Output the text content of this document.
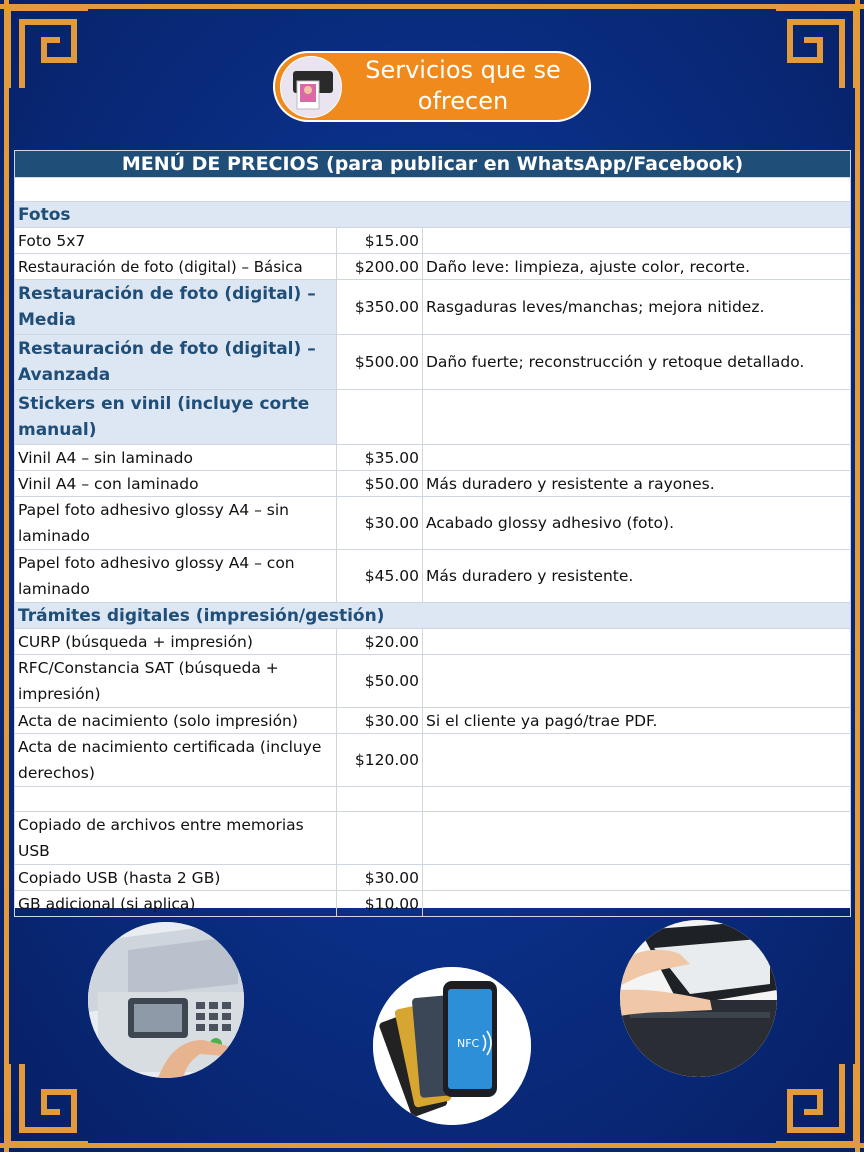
Servicios que se ofrecen
MENÚ DE PRECIOS (para publicar en WhatsApp/Facebook)		

Fotos		
Foto 5x7	$15.00	
Restauración de foto (digital) – Básica	$200.00	Daño leve: limpieza, ajuste color, recorte.
Restauración de foto (digital) – Media	$350.00	Rasgaduras leves/manchas; mejora nitidez.
Restauración de foto (digital) – Avanzada	$500.00	Daño fuerte; reconstrucción y retoque detallado.
Stickers en vinil (incluye corte manual)		
Vinil A4 – sin laminado	$35.00	
Vinil A4 – con laminado	$50.00	Más duradero y resistente a rayones.
Papel foto adhesivo glossy A4 – sin laminado	$30.00	Acabado glossy adhesivo (foto).
Papel foto adhesivo glossy A4 – con laminado	$45.00	Más duradero y resistente.
Trámites digitales (impresión/gestión)		
CURP (búsqueda + impresión)	$20.00	
RFC/Constancia SAT (búsqueda + impresión)	$50.00	
Acta de nacimiento (solo impresión)	$30.00	Si el cliente ya pagó/trae PDF.
Acta de nacimiento certificada (incluye derechos)	$120.00	

Copiado de archivos entre memorias USB		
Copiado USB (hasta 2 GB)	$30.00	
GB adicional (si aplica)	$10.00	
NFC
